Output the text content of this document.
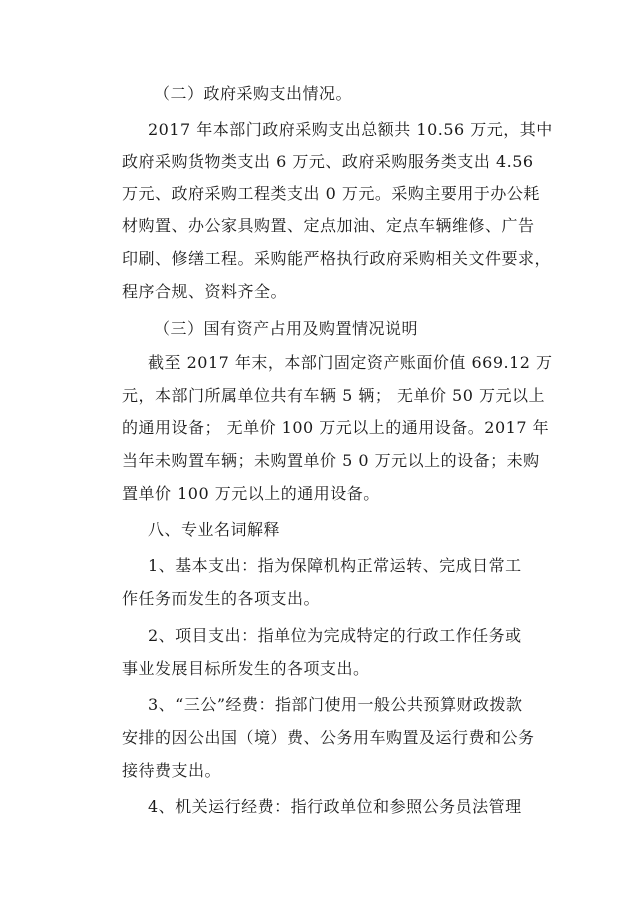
（二）政府采购支出情况。
2017 年本部门政府采购支出总额共 10.56 万元，其中
政府采购货物类支出 6 万元、政府采购服务类支出 4.56
万元、政府采购工程类支出 0 万元。采购主要用于办公耗
材购置、办公家具购置、定点加油、定点车辆维修、广告
印刷、修缮工程。采购能严格执行政府采购相关文件要求，
程序合规、资料齐全。
（三）国有资产占用及购置情况说明
截至 2017 年末，本部门固定资产账面价值 669.12 万
元，本部门所属单位共有车辆 5 辆； 无单价 50 万元以上
的通用设备； 无单价 100 万元以上的通用设备。2017 年
当年未购置车辆；未购置单价 5 0 万元以上的设备；未购
置单价 100 万元以上的通用设备。
八、专业名词解释
1、基本支出：指为保障机构正常运转、完成日常工
作任务而发生的各项支出。
2、项目支出：指单位为完成特定的行政工作任务或
事业发展目标所发生的各项支出。
3、“三公”经费：指部门使用一般公共预算财政拨款
安排的因公出国（境）费、公务用车购置及运行费和公务
接待费支出。
4、机关运行经费：指行政单位和参照公务员法管理
